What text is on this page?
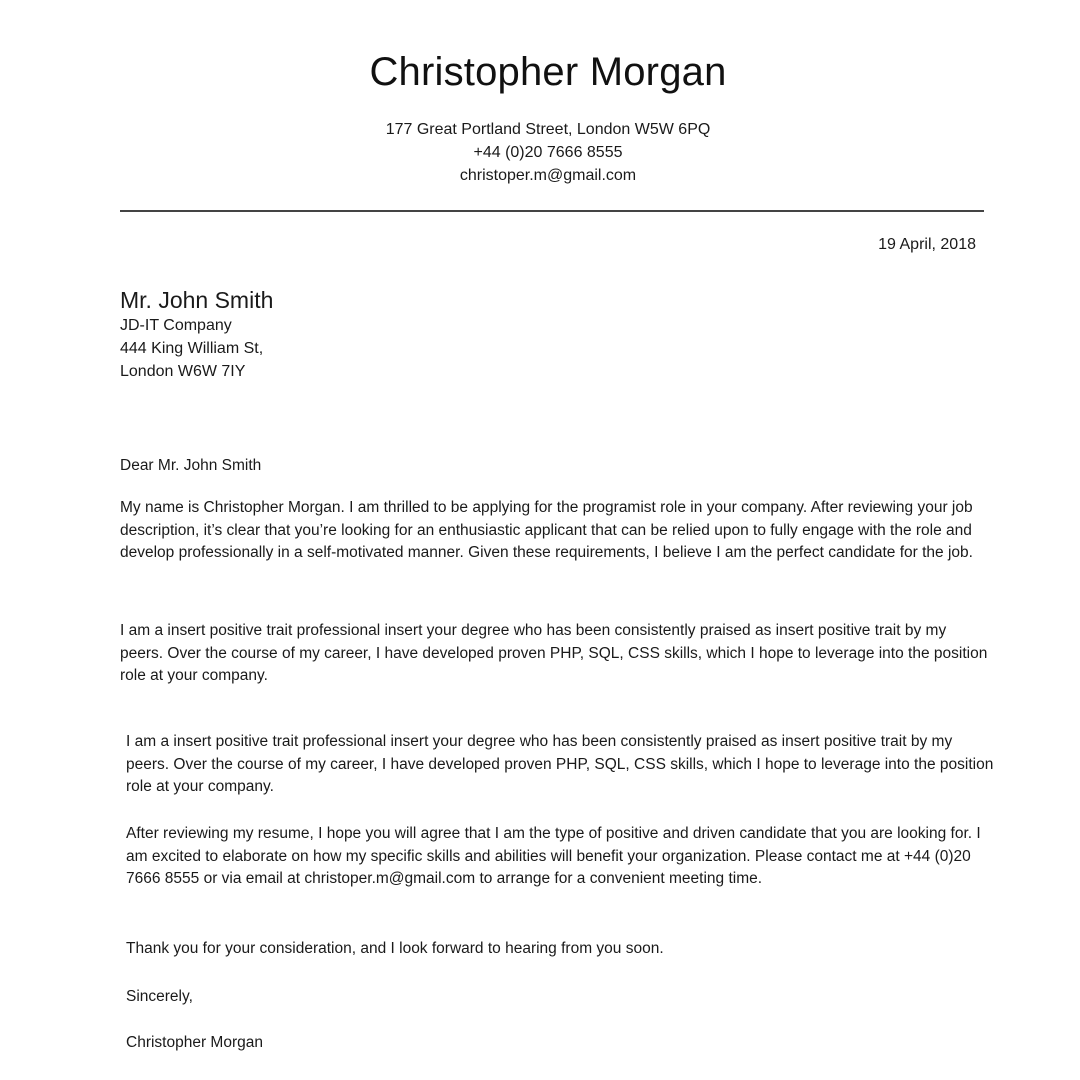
Christopher Morgan
177 Great Portland Street, London W5W 6PQ
+44 (0)20 7666 8555
christoper.m@gmail.com
19 April, 2018
Mr. John Smith
JD-IT Company
444 King William St,
London W6W 7IY
Dear Mr. John Smith
My name is Christopher Morgan. I am thrilled to be applying for the programist role in your company. After reviewing your job description, it’s clear that you’re looking for an enthusiastic applicant that can be relied upon to fully engage with the role and develop professionally in a self-motivated manner. Given these requirements, I believe I am the perfect candidate for the job.
I am a insert positive trait professional insert your degree who has been consistently praised as insert positive trait by my peers. Over the course of my career, I have developed proven PHP, SQL, CSS skills, which I hope to leverage into the position role at your company.
I am a insert positive trait professional insert your degree who has been consistently praised as insert positive trait by my peers. Over the course of my career, I have developed proven PHP, SQL, CSS skills, which I hope to leverage into the position role at your company.
After reviewing my resume, I hope you will agree that I am the type of positive and driven candidate that you are looking for. I am excited to elaborate on how my specific skills and abilities will benefit your organization. Please contact me at +44 (0)20 7666 8555 or via email at christoper.m@gmail.com to arrange for a convenient meeting time.
Thank you for your consideration, and I look forward to hearing from you soon.
Sincerely,
Christopher Morgan
